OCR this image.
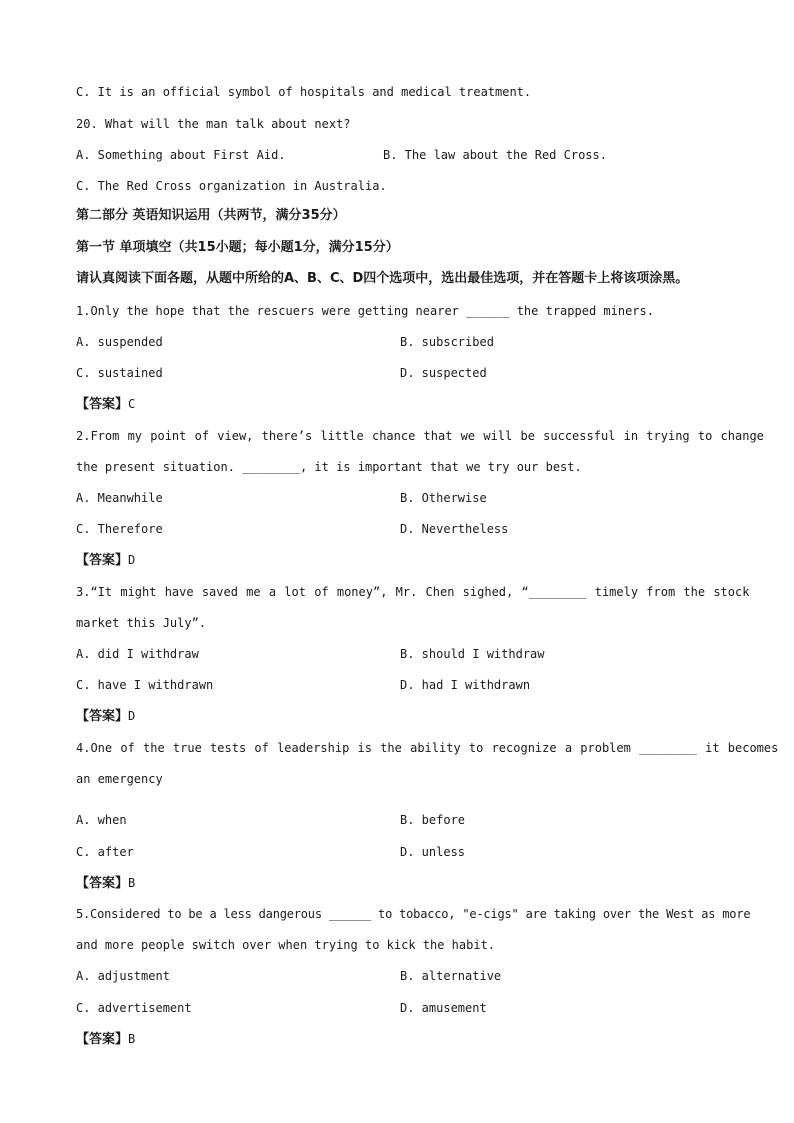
C. It is an official symbol of hospitals and medical treatment.
20. What will the man talk about next?
A. Something about First Aid.	B. The law about the Red Cross.
C. The Red Cross organization in Australia.
第二部分 英语知识运用（共两节，满分35分）
第一节 单项填空（共15小题；每小题1分，满分15分）
请认真阅读下面各题，从题中所给的A、B、C、D四个选项中，选出最佳选项，并在答题卡上将该项涂黑。
1.Only the hope that the rescuers were getting nearer ______ the trapped miners.
A. suspended	B. subscribed
C. sustained	D. suspected
【答案】C
2.From my point of view, there’s little chance that we will be successful in trying to change
the present situation. ________, it is important that we try our best.
A. Meanwhile	B. Otherwise
C. Therefore	D. Nevertheless
【答案】D
3.“It might have saved me a lot of money”, Mr. Chen sighed, “________ timely from the stock
market this July”.
A. did I withdraw	B. should I withdraw
C. have I withdrawn	D. had I withdrawn
【答案】D
4.One of the true tests of leadership is the ability to recognize a problem ________ it becomes
an emergency
A. when	B. before
C. after	D. unless
【答案】B
5.Considered to be a less dangerous ______ to tobacco, "e-cigs" are taking over the West as more
and more people switch over when trying to kick the habit.
A. adjustment	B. alternative
C. advertisement	D. amusement
【答案】B
